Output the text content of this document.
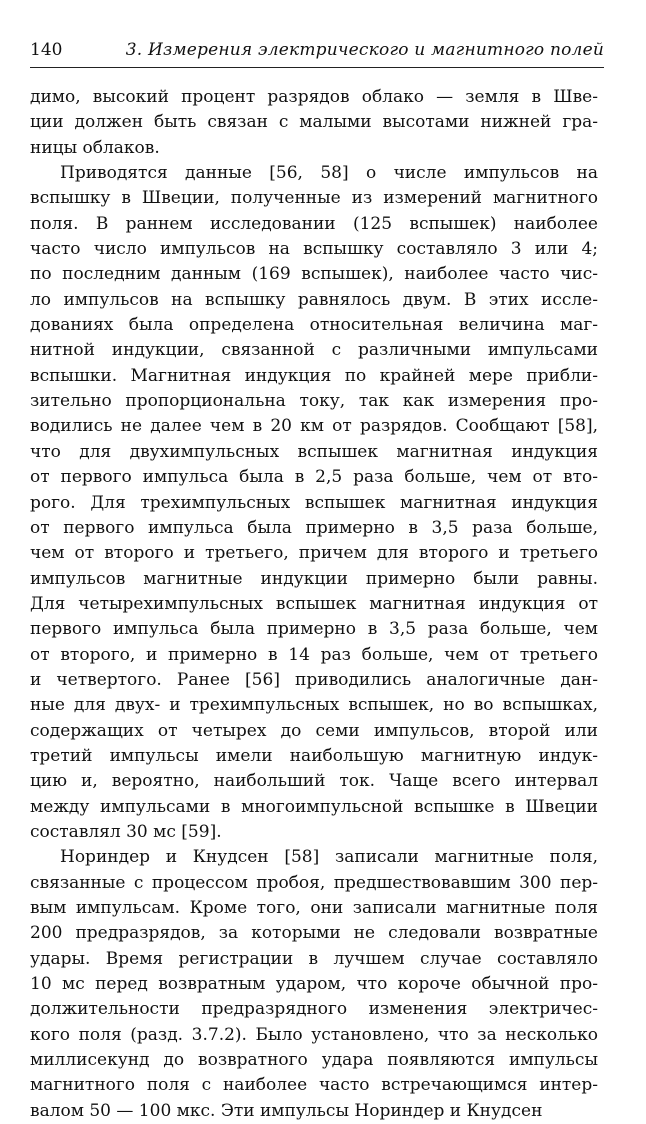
140	3. Измерения электрического и магнитного полей
димо, высокий процент разрядов облако — земля в Шве-
ции должен быть связан с малыми высотами нижней гра-
ницы облаков.
Приводятся данные [56, 58] о числе импульсов на
вспышку в Швеции, полученные из измерений магнитного
поля. В раннем исследовании (125 вспышек) наиболее
часто число импульсов на вспышку составляло 3 или 4;
по последним данным (169 вспышек), наиболее часто чис-
ло импульсов на вспышку равнялось двум. В этих иссле-
дованиях была определена относительная величина маг-
нитной индукции, связанной с различными импульсами
вспышки. Магнитная индукция по крайней мере прибли-
зительно пропорциональна току, так как измерения про-
водились не далее чем в 20 км от разрядов. Сообщают [58],
что для двухимпульсных вспышек магнитная индукция
от первого импульса была в 2,5 раза больше, чем от вто-
рого. Для трехимпульсных вспышек магнитная индукция
от первого импульса была примерно в 3,5 раза больше,
чем от второго и третьего, причем для второго и третьего
импульсов магнитные индукции примерно были равны.
Для четырехимпульсных вспышек магнитная индукция от
первого импульса была примерно в 3,5 раза больше, чем
от второго, и примерно в 14 раз больше, чем от третьего
и четвертого. Ранее [56] приводились аналогичные дан-
ные для двух- и трехимпульсных вспышек, но во вспышках,
содержащих от четырех до семи импульсов, второй или
третий импульсы имели наибольшую магнитную индук-
цию и, вероятно, наибольший ток. Чаще всего интервал
между импульсами в многоимпульсной вспышке в Швеции
составлял 30 мс [59].
Нориндер и Кнудсен [58] записали магнитные поля,
связанные с процессом пробоя, предшествовавшим 300 пер-
вым импульсам. Кроме того, они записали магнитные поля
200 предразрядов, за которыми не следовали возвратные
удары. Время регистрации в лучшем случае составляло
10 мс перед возвратным ударом, что короче обычной про-
должительности предразрядного изменения электричес-
кого поля (разд. 3.7.2). Было установлено, что за несколько
миллисекунд до возвратного удара появляются импульсы
магнитного поля с наиболее часто встречающимся интер-
валом 50 — 100 мкс. Эти импульсы Нориндер и Кнудсен
